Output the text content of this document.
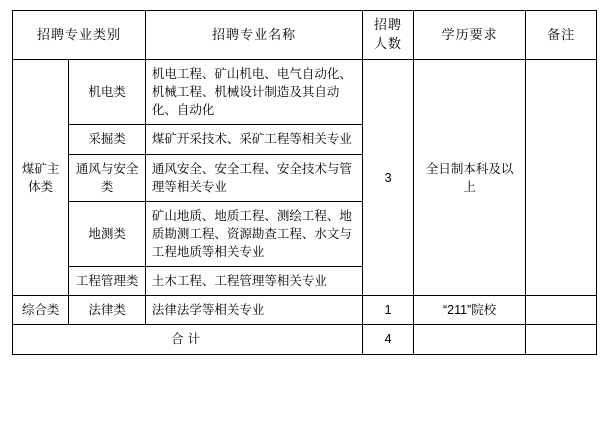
招聘专业类别		招聘专业名称	招聘人数	学历要求	备注
煤矿主体类	机电类	机电工程、矿山机电、电气自动化、机械工程、机械设计制造及其自动化、自动化	3	全日制本科及以上	
	采掘类	煤矿开采技术、采矿工程等相关专业			
	通风与安全类	通风安全、安全工程、安全技术与管理等相关专业			
	地测类	矿山地质、地质工程、测绘工程、地质勘测工程、资源勘查工程、水文与工程地质等相关专业			
	工程管理类	土木工程、工程管理等相关专业			
综合类	法律类	法律法学等相关专业	1	“211”院校	
合计			4		
